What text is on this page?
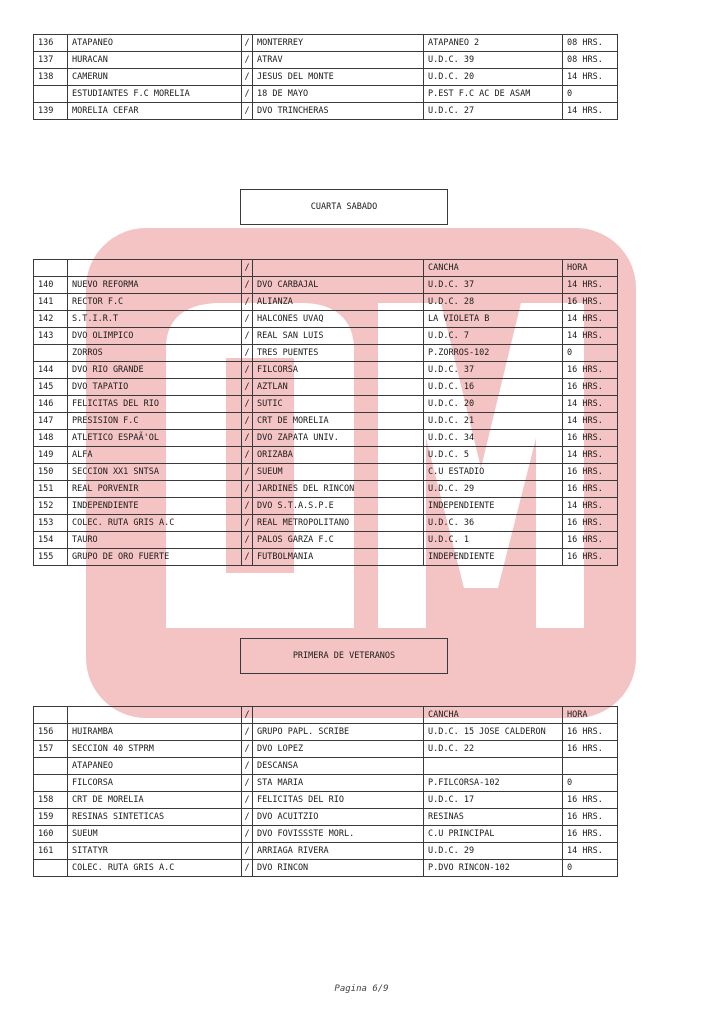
136	ATAPANEO	/	MONTERREY	ATAPANEO 2	08 HRS.
137	HURACAN	/	ATRAV	U.D.C. 39	08 HRS.
138	CAMERUN	/	JESUS DEL MONTE	U.D.C. 20	14 HRS.
	ESTUDIANTES F.C MORELIA	/	18 DE MAYO	P.EST F.C AC DE ASAM	0
139	MORELIA CEFAR	/	DVO TRINCHERAS	U.D.C. 27	14 HRS.
CUARTA SABADO
		/		CANCHA	HORA
140	NUEVO REFORMA	/	DVO CARBAJAL	U.D.C. 37	14 HRS.
141	RECTOR F.C	/	ALIANZA	U.D.C. 28	16 HRS.
142	S.T.I.R.T	/	HALCONES UVAQ	LA VIOLETA B	14 HRS.
143	DVO OLIMPICO	/	REAL SAN LUIS	U.D.C. 7	14 HRS.
	ZORROS	/	TRES PUENTES	P.ZORROS-102	0
144	DVO RIO GRANDE	/	FILCORSA	U.D.C. 37	16 HRS.
145	DVO TAPATIO	/	AZTLAN	U.D.C. 16	16 HRS.
146	FELICITAS DEL RIO	/	SUTIC	U.D.C. 20	14 HRS.
147	PRESISION F.C	/	CRT DE MORELIA	U.D.C. 21	14 HRS.
148	ATLETICO ESPAÃ'OL	/	DVO ZAPATA UNIV.	U.D.C. 34	16 HRS.
149	ALFA	/	ORIZABA	U.D.C. 5	14 HRS.
150	SECCION XX1 SNTSA	/	SUEUM	C.U ESTADIO	16 HRS.
151	REAL PORVENIR	/	JARDINES DEL RINCON	U.D.C. 29	16 HRS.
152	INDEPENDIENTE	/	DVO S.T.A.S.P.E	INDEPENDIENTE	14 HRS.
153	COLEC. RUTA GRIS A.C	/	REAL METROPOLITANO	U.D.C. 36	16 HRS.
154	TAURO	/	PALOS GARZA F.C	U.D.C. 1	16 HRS.
155	GRUPO DE ORO FUERTE	/	FUTBOLMANIA	INDEPENDIENTE	16 HRS.
PRIMERA DE VETERANOS
		/		CANCHA	HORA
156	HUIRAMBA	/	GRUPO PAPL. SCRIBE	U.D.C. 15 JOSE CALDERON	16 HRS.
157	SECCION 40 STPRM	/	DVO LOPEZ	U.D.C. 22	16 HRS.
	ATAPANEO	/	DESCANSA		
	FILCORSA	/	STA MARIA	P.FILCORSA-102	0
158	CRT DE MORELIA	/	FELICITAS DEL RIO	U.D.C. 17	16 HRS.
159	RESINAS SINTETICAS	/	DVO ACUITZIO	RESINAS	16 HRS.
160	SUEUM	/	DVO FOVISSSTE MORL.	C.U PRINCIPAL	16 HRS.
161	SITATYR	/	ARRIAGA RIVERA	U.D.C. 29	14 HRS.
	COLEC. RUTA GRIS A.C	/	DVO RINCON	P.DVO RINCON-102	0
Pagina 6/9
